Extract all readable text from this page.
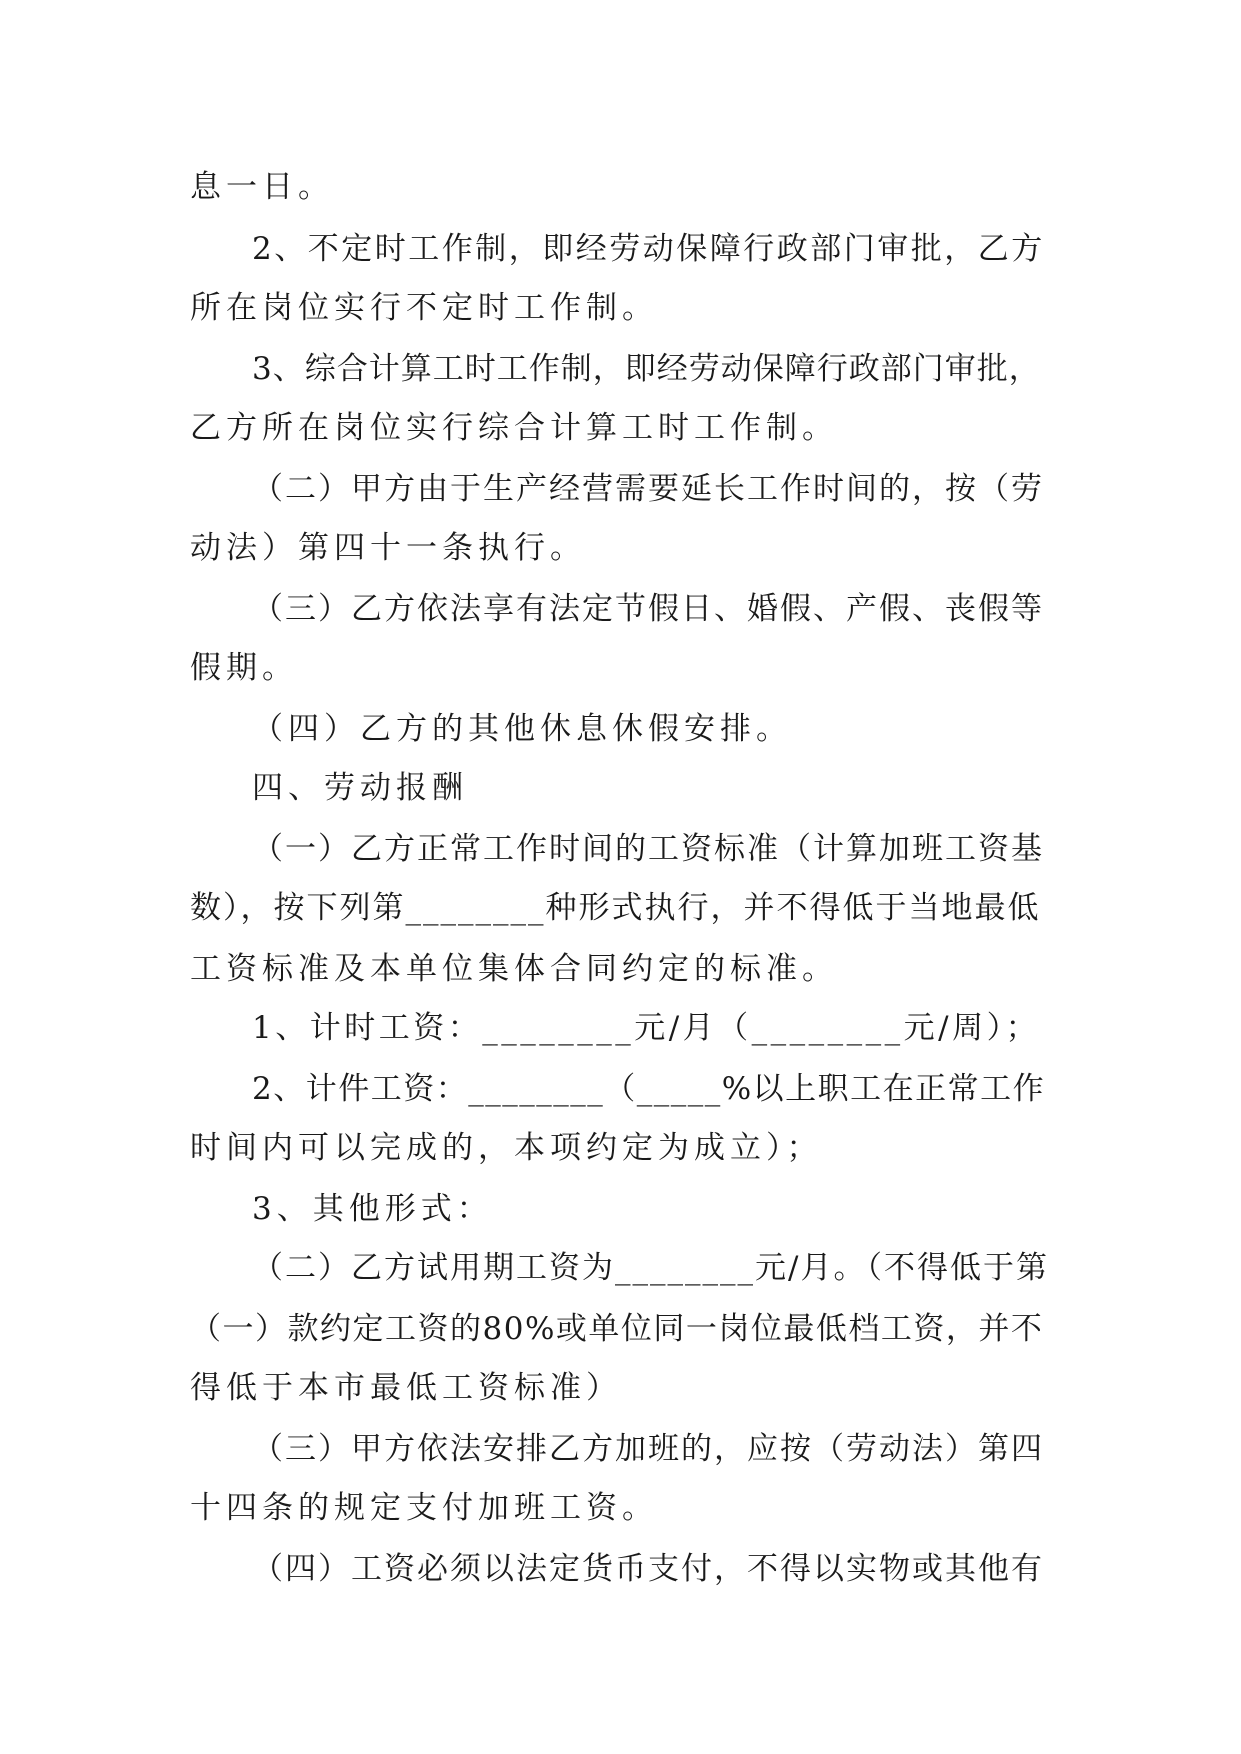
息一日。
2、不定时工作制，即经劳动保障行政部门审批，乙方
所在岗位实行不定时工作制。
3、综合计算工时工作制，即经劳动保障行政部门审批，
乙方所在岗位实行综合计算工时工作制。
（二）甲方由于生产经营需要延长工作时间的，按（劳
动法）第四十一条执行。
（三）乙方依法享有法定节假日、婚假、产假、丧假等
假期。
（四）乙方的其他休息休假安排。
四、劳动报酬
（一）乙方正常工作时间的工资标准（计算加班工资基
数），按下列第________种形式执行，并不得低于当地最低
工资标准及本单位集体合同约定的标准。
1、计时工资：________元/月（________元/周）；
2、计件工资：________（_____%以上职工在正常工作
时间内可以完成的，本项约定为成立）；
3、其他形式：
（二）乙方试用期工资为________元/月。（不得低于第
（一）款约定工资的80%或单位同一岗位最低档工资，并不
得低于本市最低工资标准）
（三）甲方依法安排乙方加班的，应按（劳动法）第四
十四条的规定支付加班工资。
（四）工资必须以法定货币支付，不得以实物或其他有
